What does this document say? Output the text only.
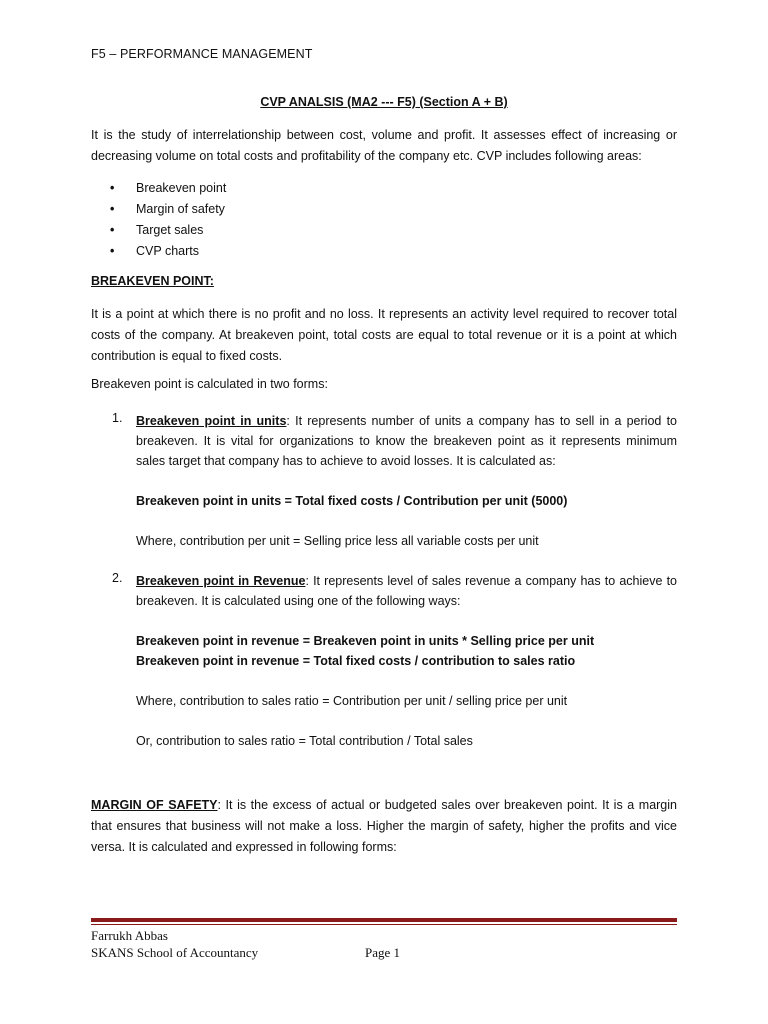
F5 – PERFORMANCE MANAGEMENT
CVP ANALSIS (MA2 --- F5) (Section A + B)
It is the study of interrelationship between cost, volume and profit. It assesses effect of increasing or decreasing volume on total costs and profitability of the company etc. CVP includes following areas:
• Breakeven point
• Margin of safety
• Target sales
• CVP charts
BREAKEVEN POINT:
It is a point at which there is no profit and no loss. It represents an activity level required to recover total costs of the company. At breakeven point, total costs are equal to total revenue or it is a point at which contribution is equal to fixed costs.
Breakeven point is calculated in two forms:
1. Breakeven point in units: It represents number of units a company has to sell in a period to breakeven. It is vital for organizations to know the breakeven point as it represents minimum sales target that company has to achieve to avoid losses. It is calculated as:
Breakeven point in units = Total fixed costs / Contribution per unit (5000)
Where, contribution per unit = Selling price less all variable costs per unit
2. Breakeven point in Revenue: It represents level of sales revenue a company has to achieve to breakeven. It is calculated using one of the following ways:
Breakeven point in revenue = Breakeven point in units * Selling price per unit
Breakeven point in revenue = Total fixed costs / contribution to sales ratio
Where, contribution to sales ratio = Contribution per unit / selling price per unit
Or, contribution to sales ratio = Total contribution / Total sales
MARGIN OF SAFETY: It is the excess of actual or budgeted sales over breakeven point. It is a margin that ensures that business will not make a loss. Higher the margin of safety, higher the profits and vice versa. It is calculated and expressed in following forms:
Farrukh Abbas
SKANS School of Accountancy	Page 1
